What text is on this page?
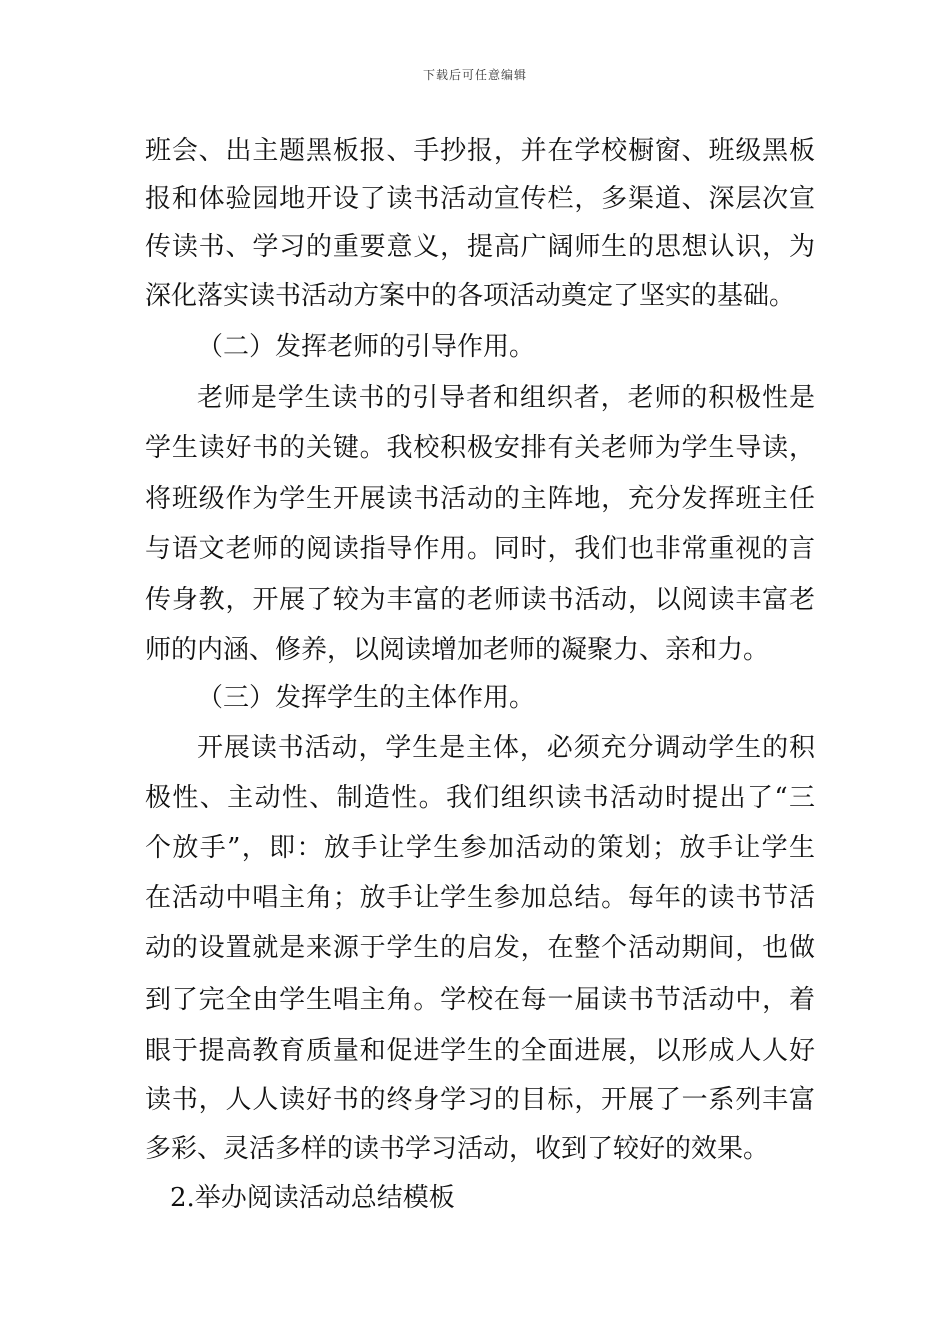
下载后可任意编辑
班会、出主题黑板报、手抄报，并在学校橱窗、班级黑板
报和体验园地开设了读书活动宣传栏，多渠道、深层次宣
传读书、学习的重要意义，提高广阔师生的思想认识，为
深化落实读书活动方案中的各项活动奠定了坚实的基础。
（二）发挥老师的引导作用。
老师是学生读书的引导者和组织者，老师的积极性是
学生读好书的关键。我校积极安排有关老师为学生导读，
将班级作为学生开展读书活动的主阵地，充分发挥班主任
与语文老师的阅读指导作用。同时，我们也非常重视的言
传身教，开展了较为丰富的老师读书活动，以阅读丰富老
师的内涵、修养，以阅读增加老师的凝聚力、亲和力。
（三）发挥学生的主体作用。
开展读书活动，学生是主体，必须充分调动学生的积
极性、主动性、制造性。我们组织读书活动时提出了“三
个放手”，即：放手让学生参加活动的策划；放手让学生
在活动中唱主角；放手让学生参加总结。每年的读书节活
动的设置就是来源于学生的启发，在整个活动期间，也做
到了完全由学生唱主角。学校在每一届读书节活动中，着
眼于提高教育质量和促进学生的全面进展，以形成人人好
读书，人人读好书的终身学习的目标，开展了一系列丰富
多彩、灵活多样的读书学习活动，收到了较好的效果。
2.举办阅读活动总结模板
